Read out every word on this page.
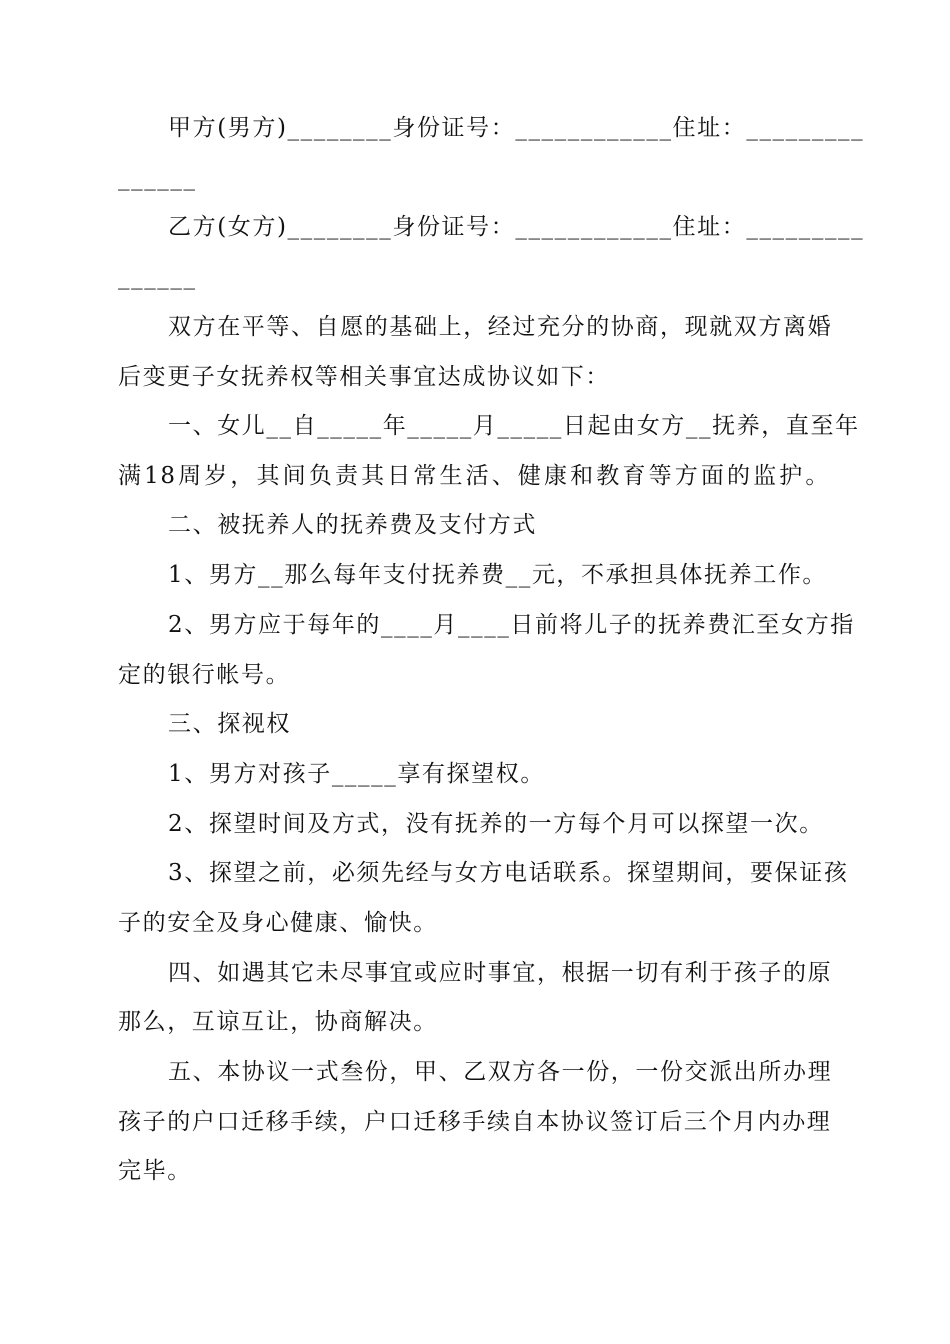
甲方(男方)________身份证号：____________住址：_________
______
乙方(女方)________身份证号：____________住址：_________
______
双方在平等、自愿的基础上，经过充分的协商，现就双方离婚
后变更子女抚养权等相关事宜达成协议如下：
一、女儿__自_____年_____月_____日起由女方__抚养，直至年
满18周岁，其间负责其日常生活、健康和教育等方面的监护。
二、被抚养人的抚养费及支付方式
1、男方__那么每年支付抚养费__元，不承担具体抚养工作。
2、男方应于每年的____月____日前将儿子的抚养费汇至女方指
定的银行帐号。
三、探视权
1、男方对孩子_____享有探望权。
2、探望时间及方式，没有抚养的一方每个月可以探望一次。
3、探望之前，必须先经与女方电话联系。探望期间，要保证孩
子的安全及身心健康、愉快。
四、如遇其它未尽事宜或应时事宜，根据一切有利于孩子的原
那么，互谅互让，协商解决。
五、本协议一式叁份，甲、乙双方各一份，一份交派出所办理
孩子的户口迁移手续，户口迁移手续自本协议签订后三个月内办理
完毕。
